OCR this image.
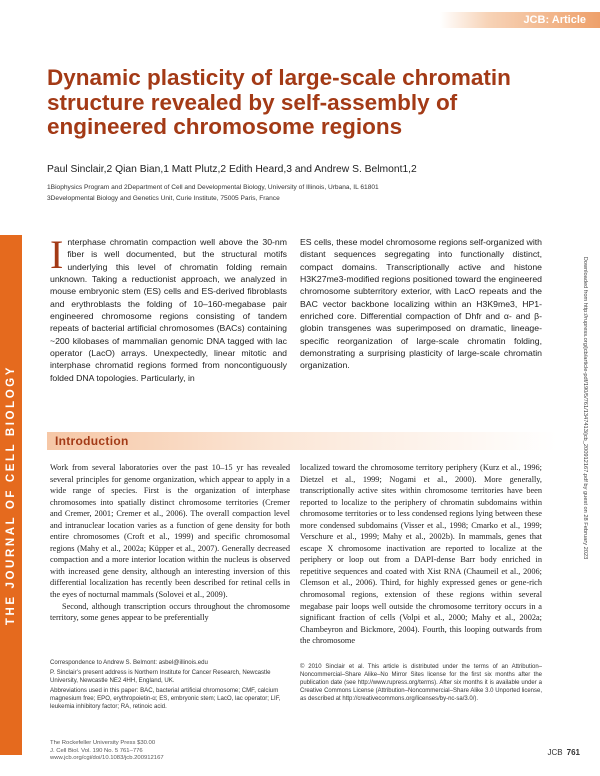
THE JOURNAL OF CELL BIOLOGY
JCB: Article
Dynamic plasticity of large-scale chromatin structure revealed by self-assembly of engineered chromosome regions
Paul Sinclair,2 Qian Bian,1 Matt Plutz,2 Edith Heard,3 and Andrew S. Belmont1,2
1Biophysics Program and 2Department of Cell and Developmental Biology, University of Illinois, Urbana, IL 61801
3Developmental Biology and Genetics Unit, Curie Institute, 75005 Paris, France
Interphase chromatin compaction well above the 30-nm fiber is well documented, but the structural motifs underlying this level of chromatin folding remain unknown. Taking a reductionist approach, we analyzed in mouse embryonic stem (ES) cells and ES-derived fibroblasts and erythroblasts the folding of 10–160-megabase pair engineered chromosome regions consisting of tandem repeats of bacterial artificial chromosomes (BACs) containing ~200 kilobases of mammalian genomic DNA tagged with lac operator (LacO) arrays. Unexpectedly, linear mitotic and interphase chromatid regions formed from noncontiguously folded DNA topologies. Particularly, in
ES cells, these model chromosome regions self-organized with distant sequences segregating into functionally distinct, compact domains. Transcriptionally active and histone H3K27me3-modified regions positioned toward the engineered chromosome subterritory exterior, with LacO repeats and the BAC vector backbone localizing within an H3K9me3, HP1-enriched core. Differential compaction of Dhfr and α- and β-globin transgenes was superimposed on dramatic, lineage-specific reorganization of large-scale chromatin folding, demonstrating a surprising plasticity of large-scale chromatin organization.	Downloaded from http://rupress.org/jcb/article-pdf/190/5/761/1347413/jcb_200912167.pdf by guest on 28 February 2023
Introduction

Work from several laboratories over the past 10–15 yr has revealed several principles for genome organization, which appear to apply in a wide range of species. First is the organization of interphase chromosomes into spatially distinct chromosome territories (Cremer and Cremer, 2001; Cremer et al., 2006). The overall compaction level and intranuclear location varies as a function of gene density for both entire chromosomes (Croft et al., 1999) and specific chromosomal regions (Mahy et al., 2002a; Küpper et al., 2007). Generally decreased compaction and a more interior location within the nucleus is observed with increased gene density, although an interesting inversion of this differential localization has recently been described for retinal cells in the eyes of nocturnal mammals (Solovei et al., 2009).

Second, although transcription occurs throughout the chromosome territory, some genes appear to be preferentially

localized toward the chromosome territory periphery (Kurz et al., 1996; Dietzel et al., 1999; Nogami et al., 2000). More generally, transcriptionally active sites within chromosome territories have been reported to localize to the periphery of chromatin subdomains within chromosome territories or to less condensed regions lying between these more condensed subdomains (Visser et al., 1998; Cmarko et al., 1999; Verschure et al., 1999; Mahy et al., 2002b). In mammals, genes that escape X chromosome inactivation are reported to localize at the periphery or loop out from a DAPI-dense Barr body enriched in repetitive sequences and coated with Xist RNA (Chaumeil et al., 2006; Clemson et al., 2006). Third, for highly expressed genes or gene-rich chromosomal regions, extension of these regions within several megabase pair loops well outside the chromosome territory occurs in a significant fraction of cells (Volpi et al., 2000; Mahy et al., 2002a; Chambeyron and Bickmore, 2004). Fourth, this looping outwards from the chromosome

Correspondence to Andrew S. Belmont: asbel@illinois.edu
P. Sinclair’s present address is Northern Institute for Cancer Research, Newcastle University, Newcastle NE2 4HH, England, UK.
Abbreviations used in this paper: BAC, bacterial artificial chromosome; CMF, calcium magnesium free; EPO, erythropoietin-α; ES, embryonic stem; LacO, lac operator; LIF, leukemia inhibitory factor; RA, retinoic acid.
© 2010 Sinclair et al. This article is distributed under the terms of an Attribution–Noncommercial–Share Alike–No Mirror Sites license for the first six months after the publication date (see http://www.rupress.org/terms). After six months it is available under a Creative Commons License (Attribution–Noncommercial–Share Alike 3.0 Unported license, as described at http://creativecommons.org/licenses/by-nc-sa/3.0/).
The Rockefeller University Press $30.00
J. Cell Biol. Vol. 190 No. 5 761–776
www.jcb.org/cgi/doi/10.1083/jcb.200912167
JCB 761
